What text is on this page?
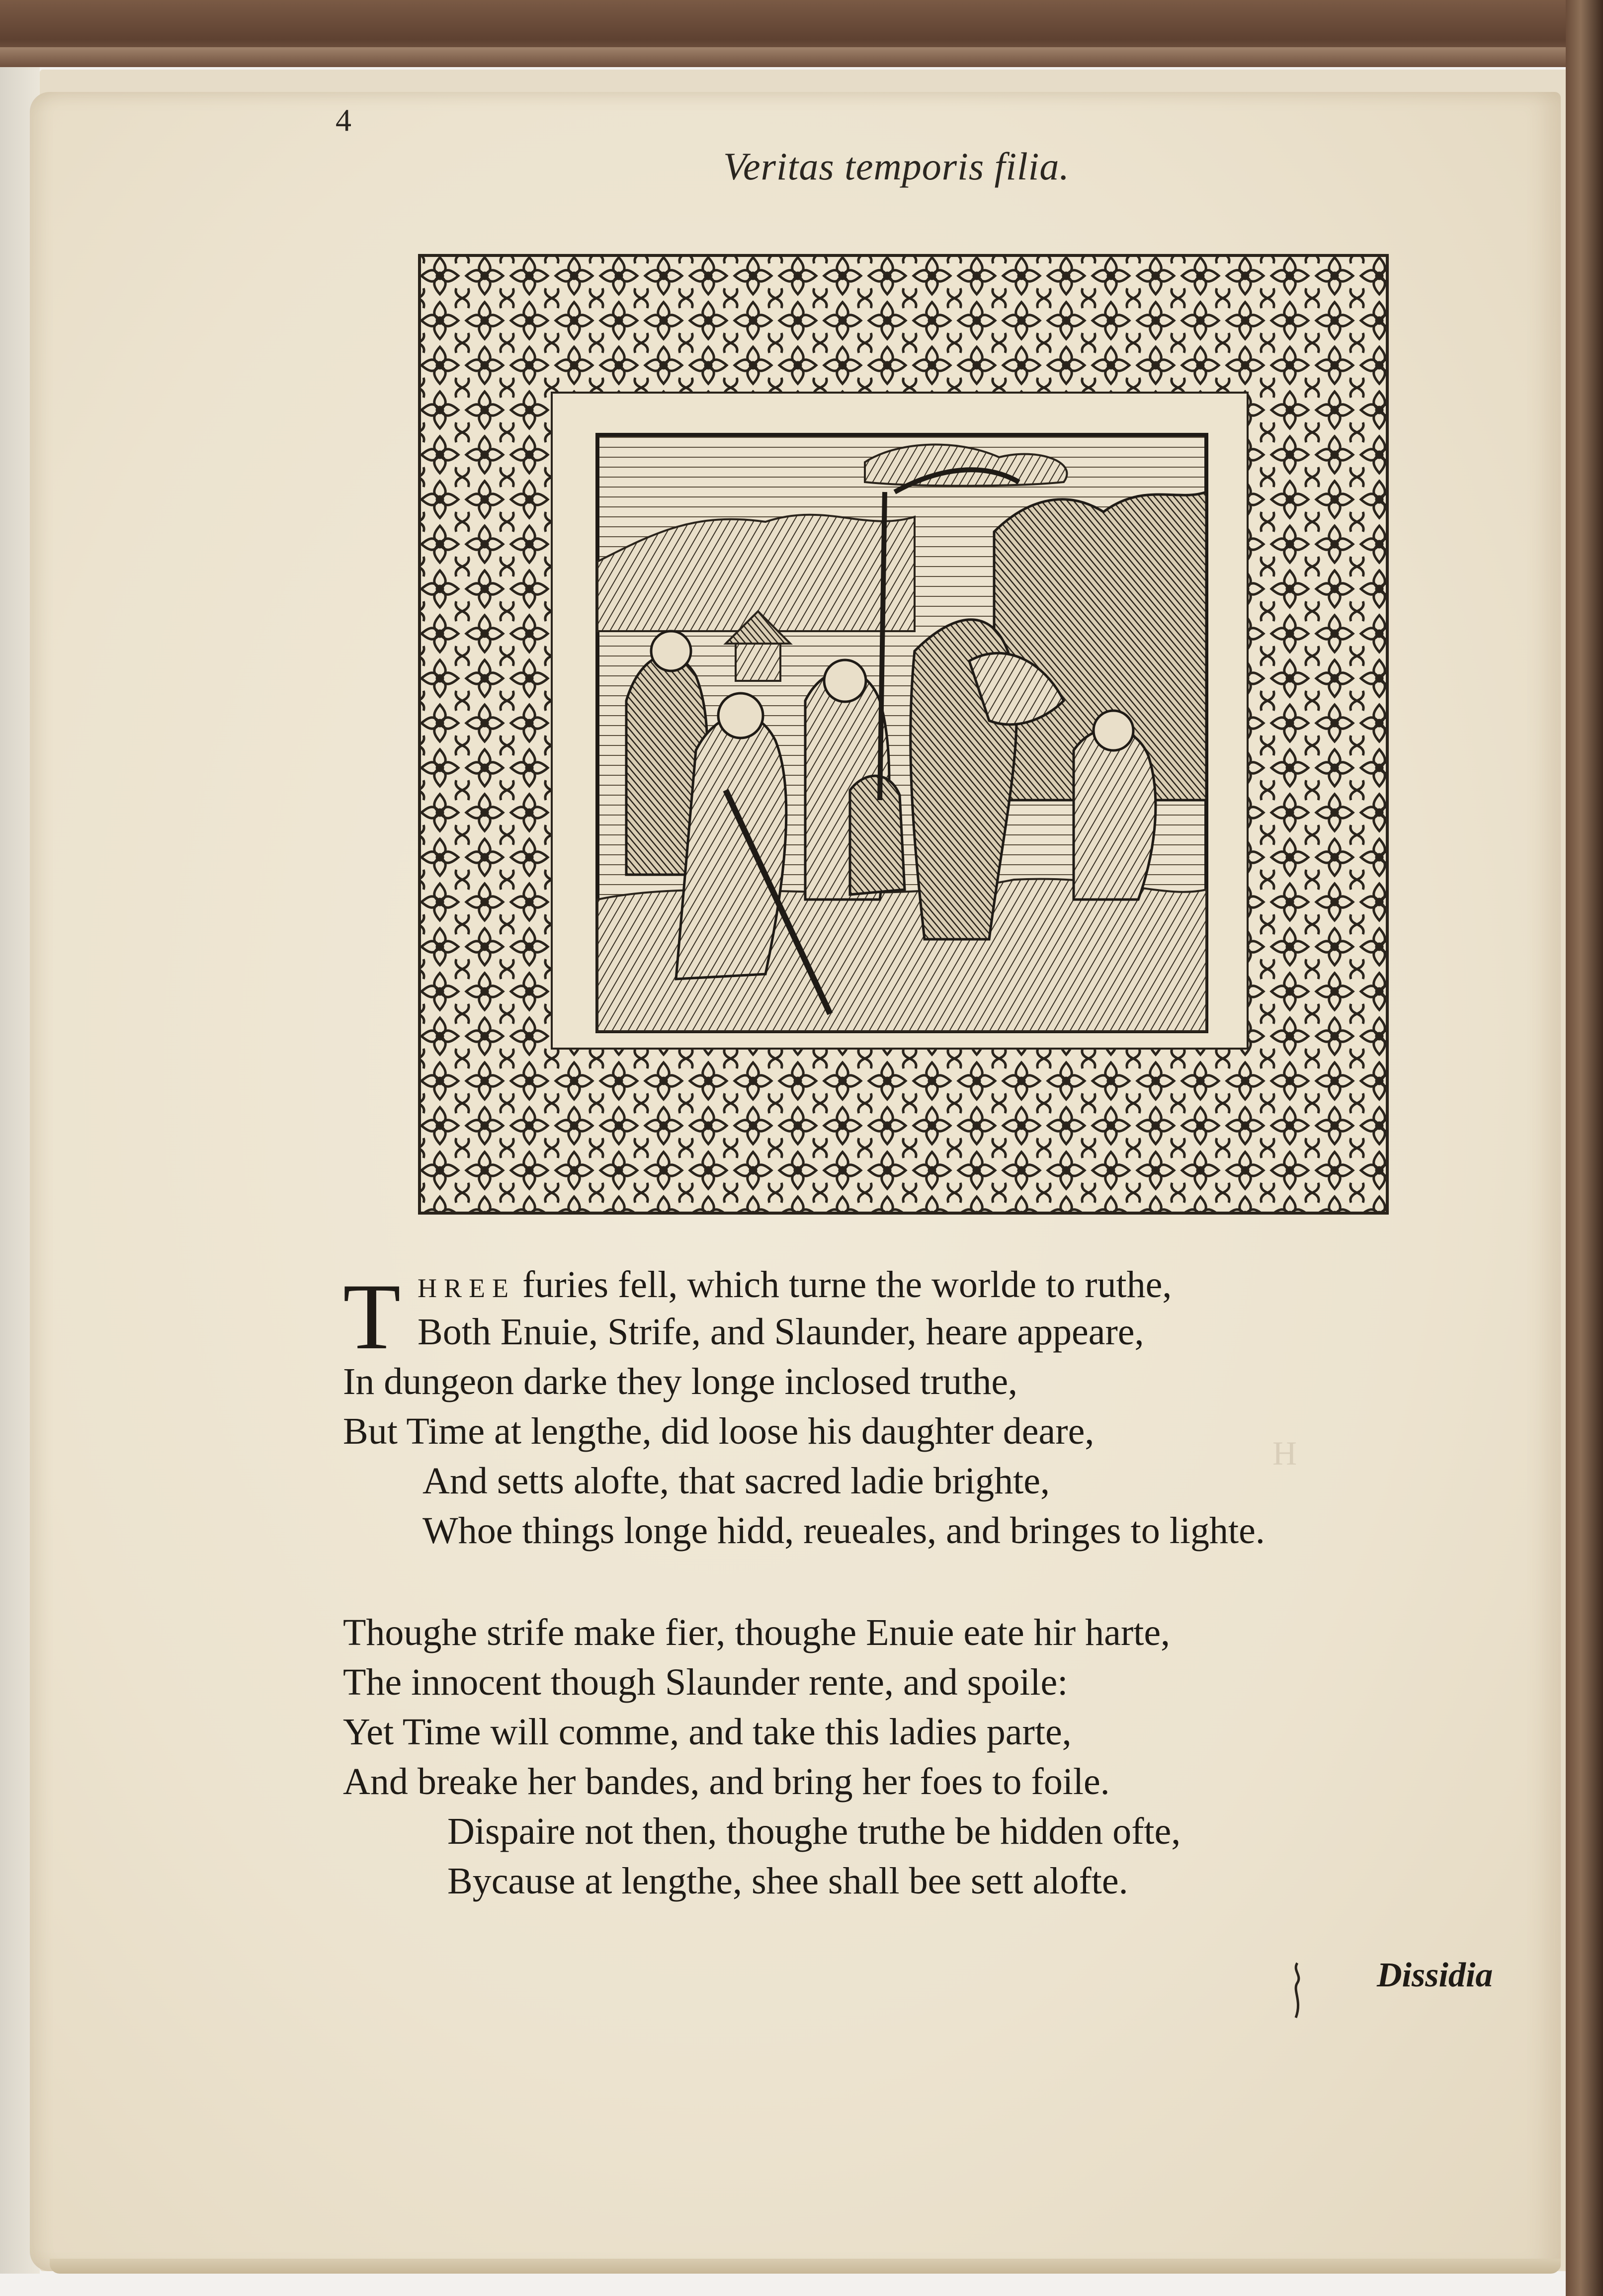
H
4
Veritas temporis filia.
T HREE furies fell, which turne the worlde to ruthe,
Both Enuie, Strife, and Slaunder, heare appeare,
In dungeon darke they longe inclosed truthe,
But Time at lengthe, did loose his daughter deare,
And setts alofte, that sacred ladie brighte,
Whoe things longe hidd, reueales, and bringes to lighte.
Thoughe strife make fier, thoughe Enuie eate hir harte,
The innocent though Slaunder rente, and spoile:
Yet Time will comme, and take this ladies parte,
And breake her bandes, and bring her foes to foile.
Dispaire not then, thoughe truthe be hidden ofte,
Bycause at lengthe, shee shall bee sett alofte.
Dissidia
